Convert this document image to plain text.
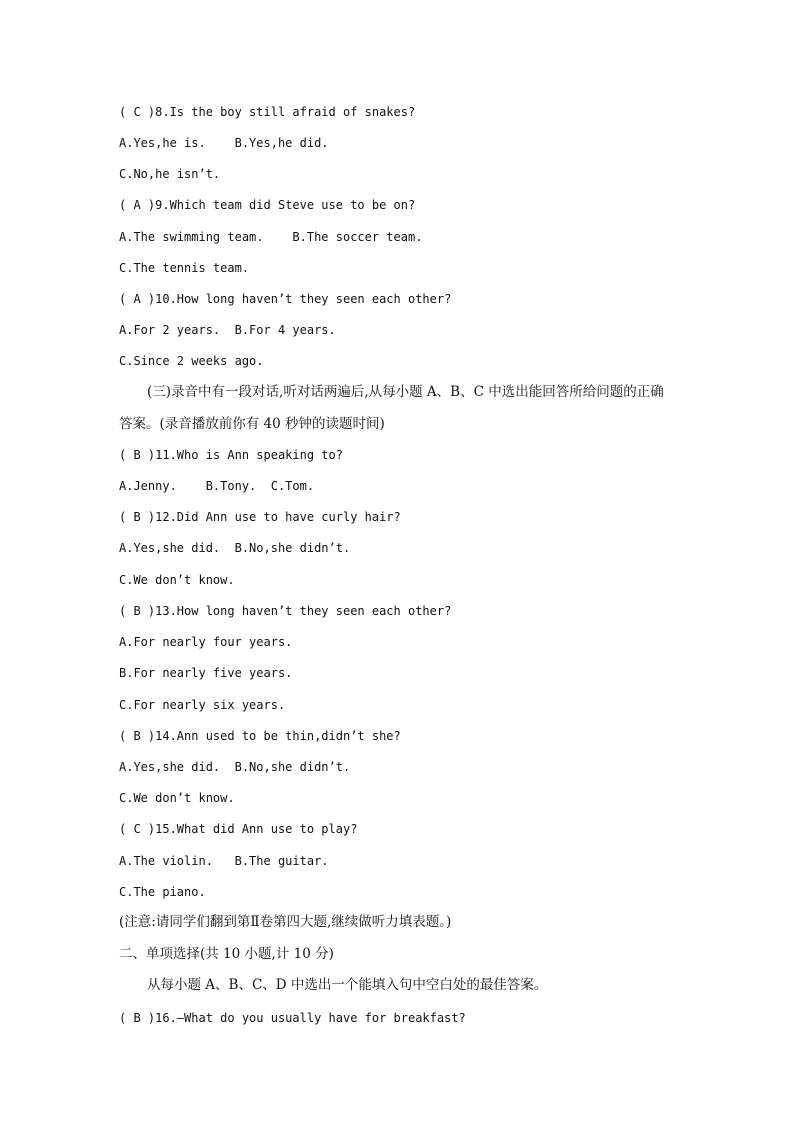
( C )8.Is the boy still afraid of snakes?
A.Yes,he is.    B.Yes,he did.
C.No,he isn’t.
( A )9.Which team did Steve use to be on?
A.The swimming team.    B.The soccer team.
C.The tennis team.
( A )10.How long haven’t they seen each other?
A.For 2 years.  B.For 4 years.
C.Since 2 weeks ago.
(三)录音中有一段对话,听对话两遍后,从每小题 A、B、C 中选出能回答所给问题的正确
答案。(录音播放前你有 40 秒钟的读题时间)
( B )11.Who is Ann speaking to?
A.Jenny.    B.Tony.  C.Tom.
( B )12.Did Ann use to have curly hair?
A.Yes,she did.  B.No,she didn’t.
C.We don’t know.
( B )13.How long haven’t they seen each other?
A.For nearly four years.
B.For nearly five years.
C.For nearly six years.
( B )14.Ann used to be thin,didn’t she?
A.Yes,she did.  B.No,she didn’t.
C.We don’t know.
( C )15.What did Ann use to play?
A.The violin.   B.The guitar.
C.The piano.
(注意:请同学们翻到第Ⅱ卷第四大题,继续做听力填表题。)
二、单项选择(共 10 小题,计 10 分)
从每小题 A、B、C、D 中选出一个能填入句中空白处的最佳答案。
( B )16.—What do you usually have for breakfast?
